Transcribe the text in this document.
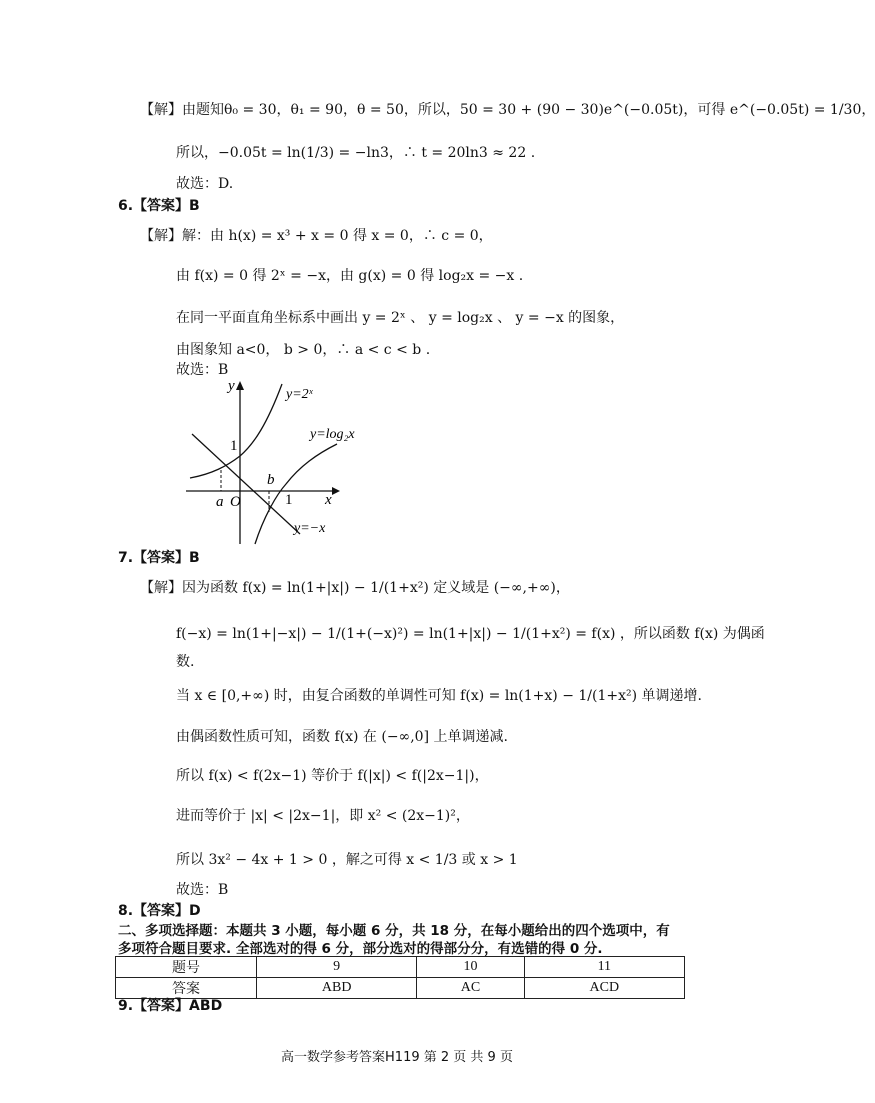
【解】由题知θ₀ = 30，θ₁ = 90，θ = 50，所以，50 = 30 + (90 − 30)e^(−0.05t)，可得 e^(−0.05t) = 1/30，
所以，−0.05t = ln(1/3) = −ln3，∴ t = 20ln3 ≈ 22 .
故选：D.
6.【答案】B
【解】解：由 h(x) = x³ + x = 0 得 x = 0，∴ c = 0，
由 f(x) = 0 得 2ˣ = −x，由 g(x) = 0 得 log₂x = −x .
在同一平面直角坐标系中画出 y = 2ˣ 、 y = log₂x 、 y = −x 的图象，
由图象知 a<0， b > 0，∴ a < c < b .
故选：B
y
x
O
1
1
a
b
y=2ˣ
y=log₂x
y=−x
7.【答案】B
【解】因为函数 f(x) = ln(1+|x|) − 1/(1+x²) 定义域是 (−∞,+∞)，
f(−x) = ln(1+|−x|) − 1/(1+(−x)²) = ln(1+|x|) − 1/(1+x²) = f(x) ，所以函数 f(x) 为偶函
数.
当 x ∈ [0,+∞) 时，由复合函数的单调性可知 f(x) = ln(1+x) − 1/(1+x²) 单调递增.
由偶函数性质可知，函数 f(x) 在 (−∞,0] 上单调递减.
所以 f(x) < f(2x−1) 等价于 f(|x|) < f(|2x−1|)，
进而等价于 |x| < |2x−1|，即 x² < (2x−1)²，
所以 3x² − 4x + 1 > 0 ，解之可得 x < 1/3 或 x > 1
故选：B
8.【答案】D
二、多项选择题：本题共 3 小题，每小题 6 分，共 18 分，在每小题给出的四个选项中，有
多项符合题目要求. 全部选对的得 6 分，部分选对的得部分分，有选错的得 0 分.
题号	9	10	11
答案	ABD	AC	ACD
9.【答案】ABD
高一数学参考答案H119 第 2 页 共 9 页
